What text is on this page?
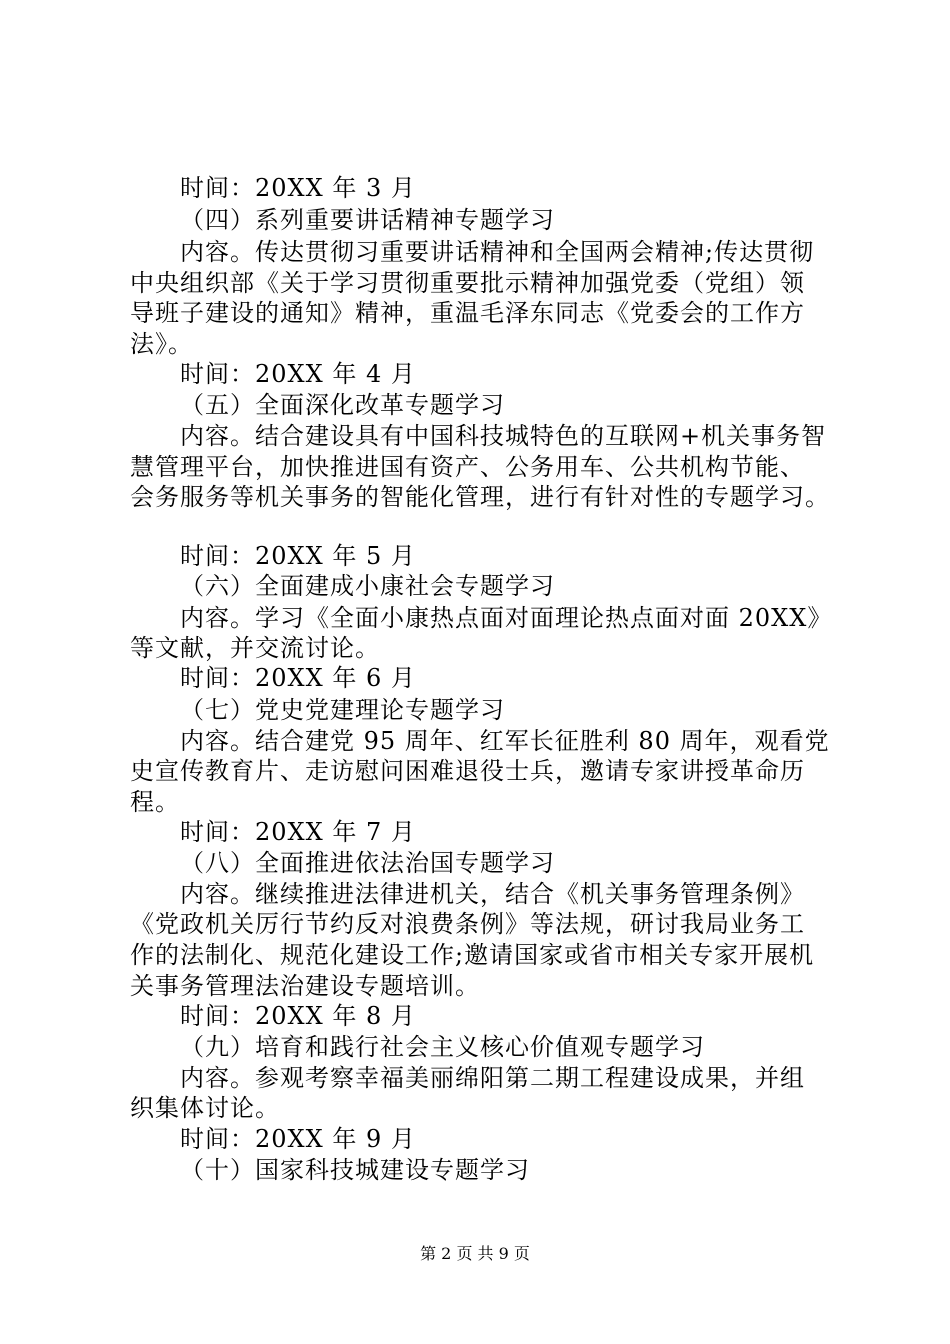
时间：20XX 年 3 月
（四）系列重要讲话精神专题学习
内容。传达贯彻习重要讲话精神和全国两会精神;传达贯彻
中央组织部《关于学习贯彻重要批示精神加强党委（党组）领
导班子建设的通知》精神，重温毛泽东同志《党委会的工作方
法》。
时间：20XX 年 4 月
（五）全面深化改革专题学习
内容。结合建设具有中国科技城特色的互联网+机关事务智
慧管理平台，加快推进国有资产、公务用车、公共机构节能、
会务服务等机关事务的智能化管理，进行有针对性的专题学习。
时间：20XX 年 5 月
（六）全面建成小康社会专题学习
内容。学习《全面小康热点面对面理论热点面对面 20XX》
等文献，并交流讨论。
时间：20XX 年 6 月
（七）党史党建理论专题学习
内容。结合建党 95 周年、红军长征胜利 80 周年，观看党
史宣传教育片、走访慰问困难退役士兵，邀请专家讲授革命历
程。
时间：20XX 年 7 月
（八）全面推进依法治国专题学习
内容。继续推进法律进机关，结合《机关事务管理条例》
《党政机关厉行节约反对浪费条例》等法规，研讨我局业务工
作的法制化、规范化建设工作;邀请国家或省市相关专家开展机
关事务管理法治建设专题培训。
时间：20XX 年 8 月
（九）培育和践行社会主义核心价值观专题学习
内容。参观考察幸福美丽绵阳第二期工程建设成果，并组
织集体讨论。
时间：20XX 年 9 月
（十）国家科技城建设专题学习
第 2 页 共 9 页
